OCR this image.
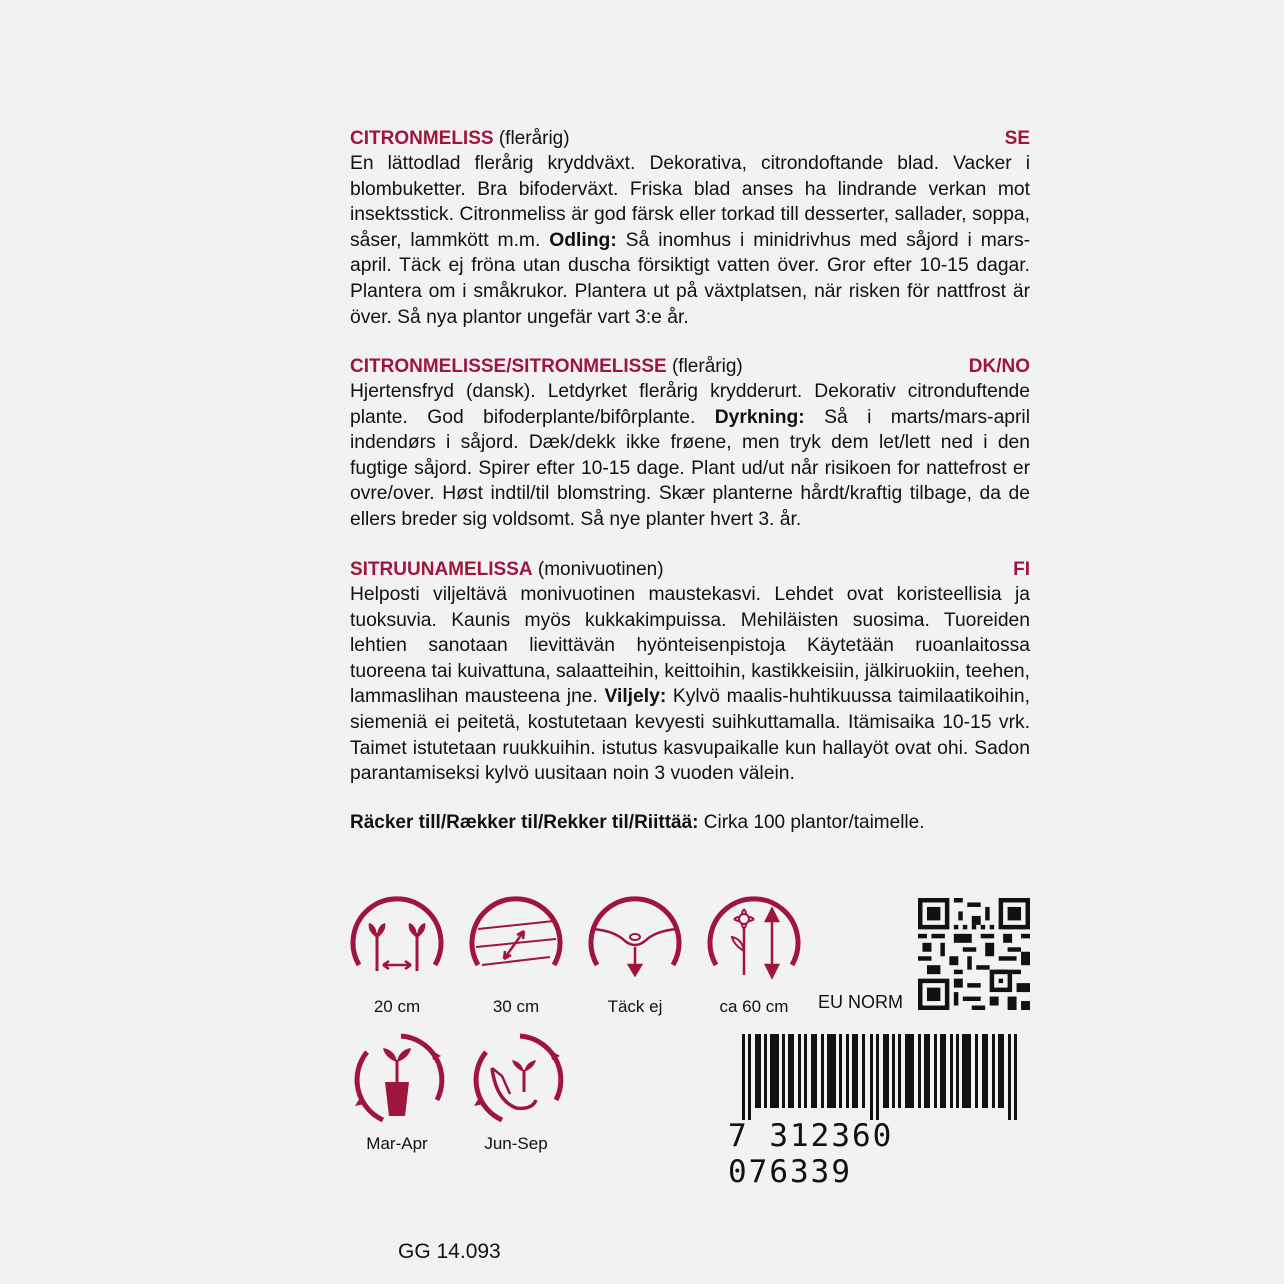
CITRONMELISS (flerårig)	SE

En lättodlad flerårig kryddväxt. Dekorativa, citrondoftande blad. Vacker i blombuketter. Bra bifoderväxt. Friska blad anses ha lindrande verkan mot insektsstick. Citronmeliss är god färsk eller torkad till desserter, sallader, soppa, såser, lammkött m.m. Odling: Så inomhus i minidrivhus med såjord i mars-april. Täck ej fröna utan duscha försiktigt vatten över. Gror efter 10-15 dagar. Plantera om i småkrukor. Plantera ut på växtplatsen, när risken för nattfrost är över. Så nya plantor ungefär vart 3:e år.

CITRONMELISSE/SITRONMELISSE (flerårig)	DK/NO

Hjertensfryd (dansk). Letdyrket flerårig krydderurt. Dekorativ citronduftende plante. God bifoderplante/bifôrplante. Dyrkning: Så i marts/mars-april indendørs i såjord. Dæk/dekk ikke frøene, men tryk dem let/lett ned i den fugtige såjord. Spirer efter 10-15 dage. Plant ud/ut når risikoen for nattefrost er ovre/over. Høst indtil/til blomstring. Skær planterne hårdt/kraftig tilbage, da de ellers breder sig voldsomt. Så nye planter hvert 3. år.

SITRUUNAMELISSA (monivuotinen)	FI

Helposti viljeltävä monivuotinen maustekasvi. Lehdet ovat koristeellisia ja tuoksuvia. Kaunis myös kukkakimpuissa. Mehiläisten suosima. Tuoreiden lehtien sanotaan lievittävän hyönteisenpistoja Käytetään ruoanlaitossa tuoreena tai kuivattuna, salaatteihin, keittoihin, kastikkeisiin, jälkiruokiin, teehen, lammaslihan mausteena jne. Viljely: Kylvö maalis-huhtikuussa taimilaatikoihin, siemeniä ei peitetä, kostutetaan kevyesti suihkuttamalla. Itämisaika 10-15 vrk. Taimet istutetaan ruukkuihin. istutus kasvupaikalle kun hallayöt ovat ohi. Sadon parantamiseksi kylvö uusitaan noin 3 vuoden välein.

Räcker till/Rækker til/Rekker til/Riittää: Cirka 100 plantor/taimelle.
20 cm	30 cm	Täck ej	ca 60 cm
Mar-Apr	Jun-Sep
EU NORM
7 312360 076339
GG 14.093
